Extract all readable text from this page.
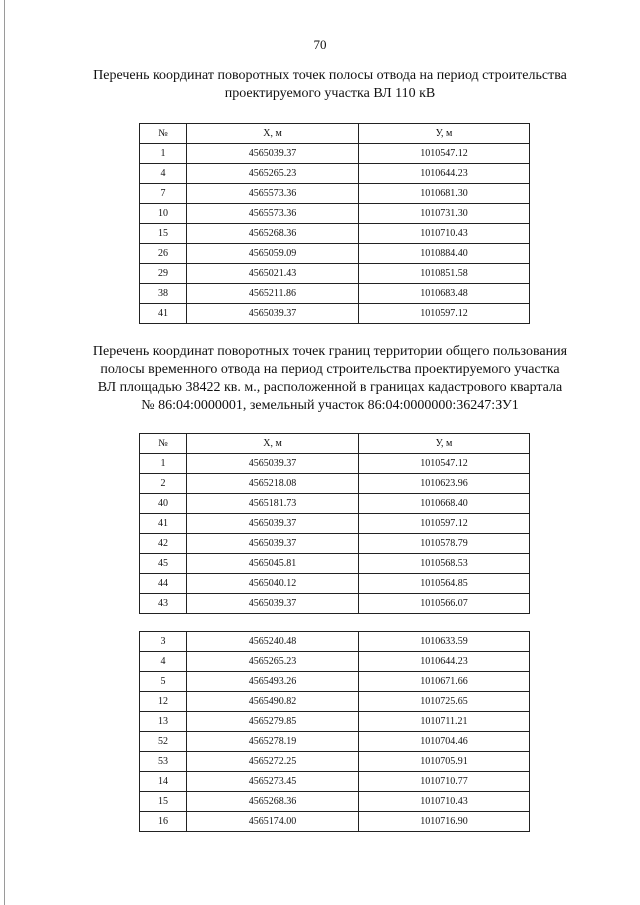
70
Перечень координат поворотных точек полосы отвода на период строительства
проектируемого участка ВЛ 110 кВ
№	X, м	У, м
1	4565039.37	1010547.12
4	4565265.23	1010644.23
7	4565573.36	1010681.30
10	4565573.36	1010731.30
15	4565268.36	1010710.43
26	4565059.09	1010884.40
29	4565021.43	1010851.58
38	4565211.86	1010683.48
41	4565039.37	1010597.12
Перечень координат поворотных точек границ территории общего пользования
полосы временного отвода на период строительства проектируемого участка
ВЛ площадью 38422 кв. м., расположенной в границах кадастрового квартала
№ 86:04:0000001, земельный участок 86:04:0000000:36247:ЗУ1
№	X, м	У, м
1	4565039.37	1010547.12
2	4565218.08	1010623.96
40	4565181.73	1010668.40
41	4565039.37	1010597.12
42	4565039.37	1010578.79
45	4565045.81	1010568.53
44	4565040.12	1010564.85
43	4565039.37	1010566.07
3	4565240.48	1010633.59
4	4565265.23	1010644.23
5	4565493.26	1010671.66
12	4565490.82	1010725.65
13	4565279.85	1010711.21
52	4565278.19	1010704.46
53	4565272.25	1010705.91
14	4565273.45	1010710.77
15	4565268.36	1010710.43
16	4565174.00	1010716.90
